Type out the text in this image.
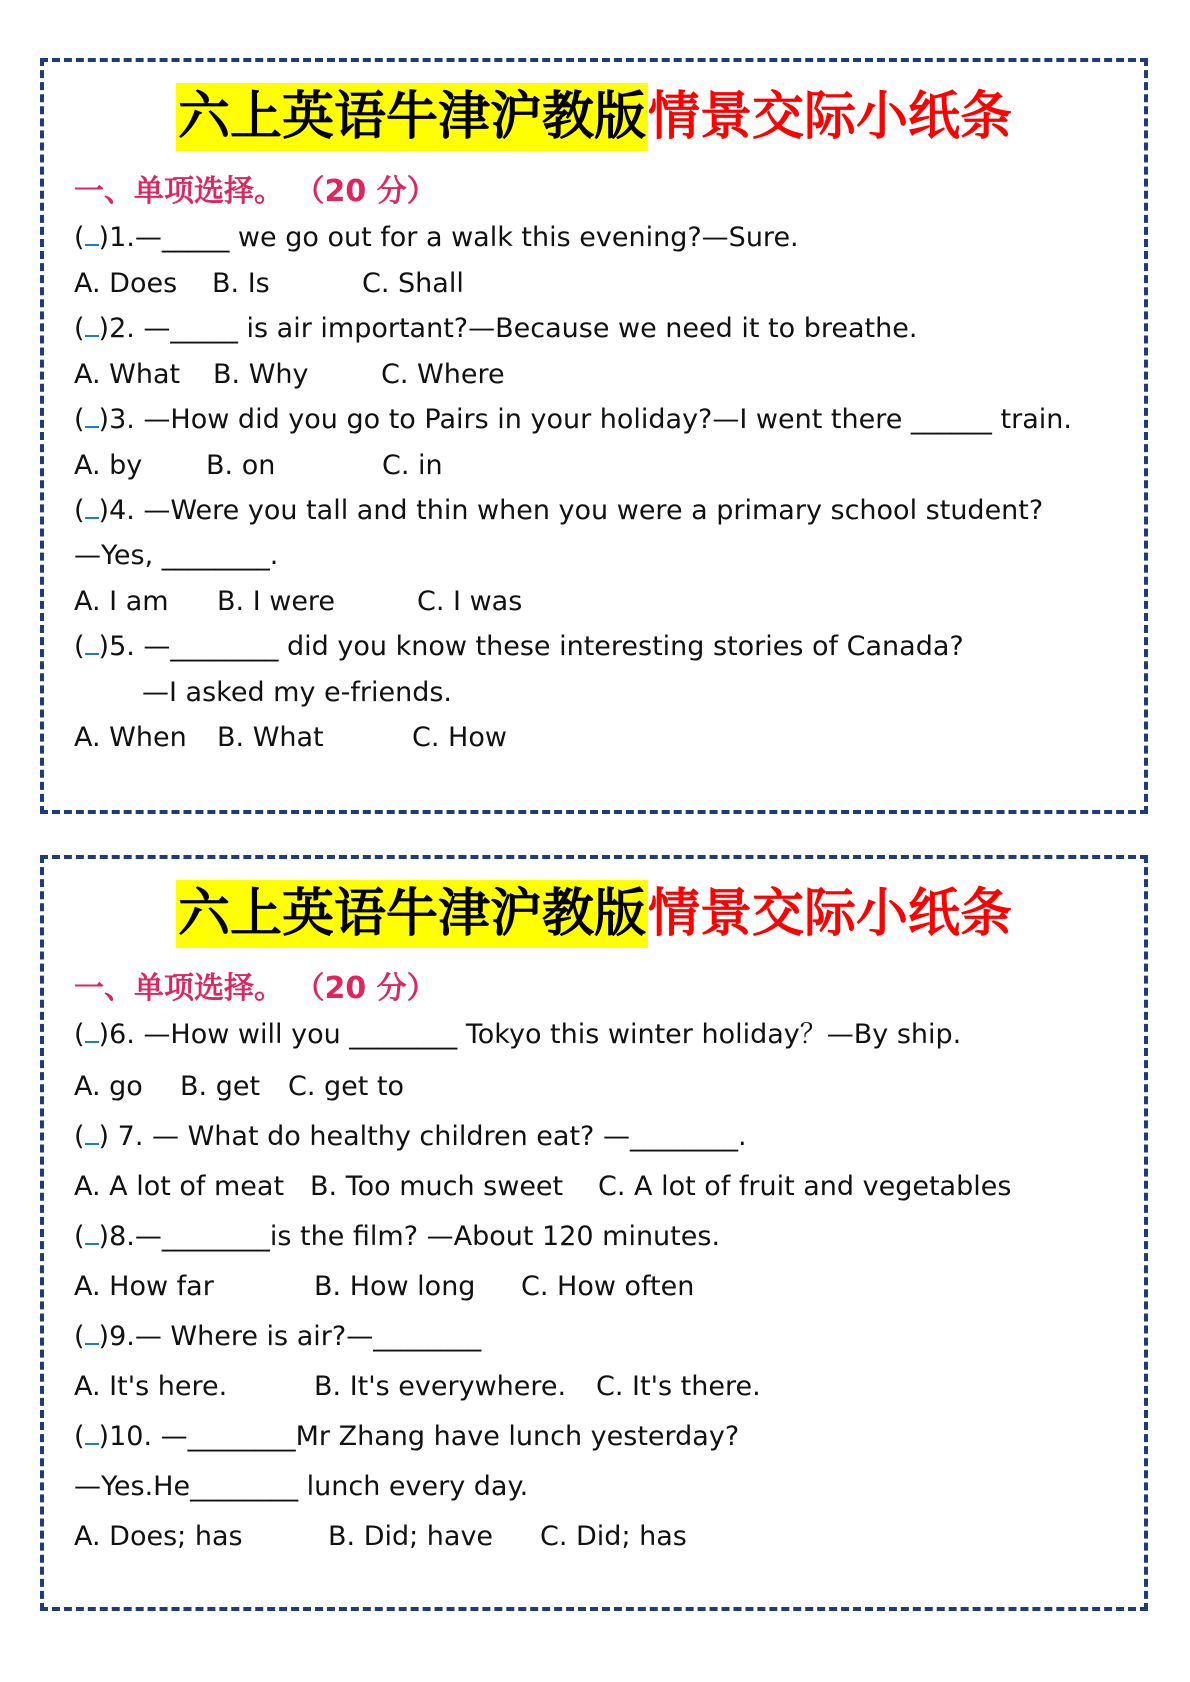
六上英语牛津沪教版情景交际小纸条
一、单项选择。 （20 分）
( )1.—_____ we go out for a walk this evening?—Sure.
A. Does B. Is	C. Shall
( )2. —_____ is air important?—Because we need it to breathe.
A. What B. Why	C. Where
( )3. —How did you go to Pairs in your holiday?—I went there ______ train.
A. by B. on	C. in
( )4. —Were you tall and thin when you were a primary school student?
—Yes, ________.
A. I am B. I were	C. I was
( )5. —________ did you know these interesting stories of Canada?
—I asked my e-friends.
A. When B. What	C. How
六上英语牛津沪教版情景交际小纸条
一、单项选择。 （20 分）
( )6. —How will you ________ Tokyo this winter holiday？—By ship.
A. go B. get C. get to
( ) 7. — What do healthy children eat? —________.
A. A lot of meat B. Too much sweet C. A lot of fruit and vegetables
( )8.—________is the film? —About 120 minutes.
A. How far	B. How long C. How often
( )9.— Where is air?—________
A. It's here.	B. It's everywhere. C. It's there.
( )10. —________Mr Zhang have lunch yesterday?
—Yes.He________ lunch every day.
A. Does; has	B. Did; have C. Did; has
